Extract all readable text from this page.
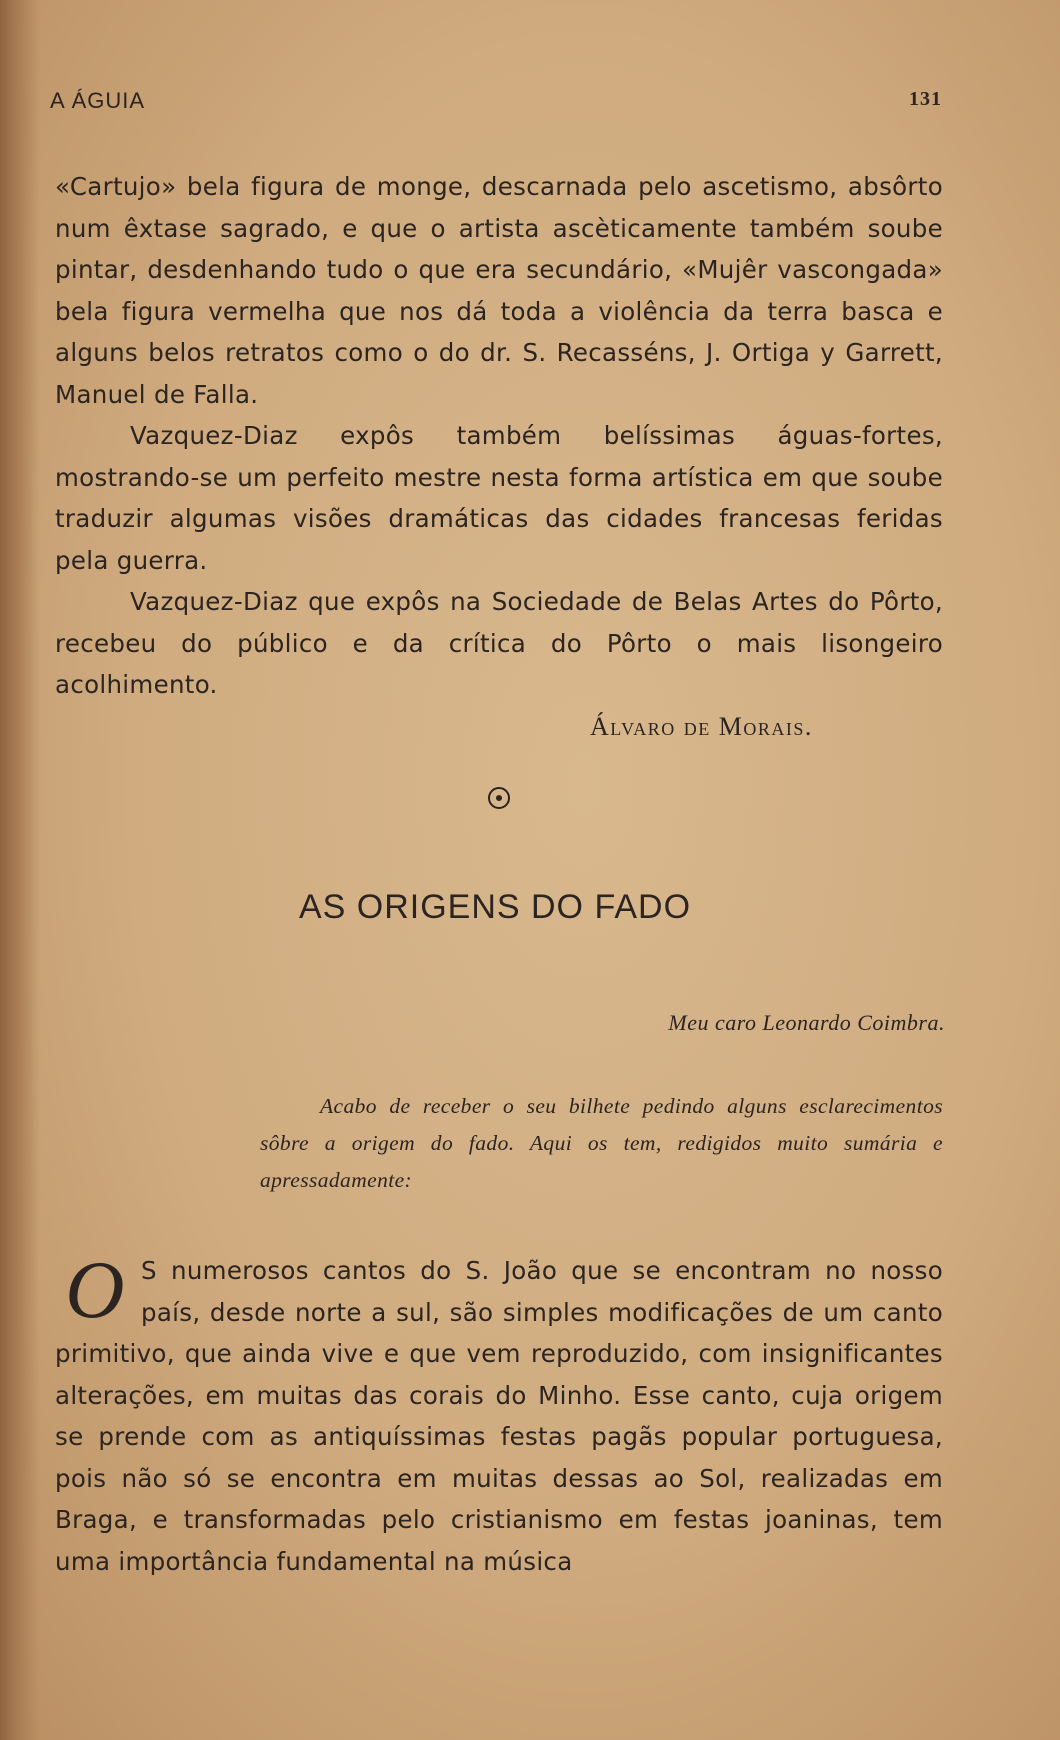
A ÁGUIA	131

«Cartujo» bela figura de monge, descarnada pelo ascetismo, absôrto num êxtase sagrado, e que o artista ascèticamente também soube pintar, desdenhando tudo o que era secundário, «Mujêr vascongada» bela figura vermelha que nos dá toda a violência da terra basca e alguns belos retratos como o do dr. S. Recasséns, J. Ortiga y Garrett, Manuel de Falla.

Vazquez-Diaz expôs também belíssimas águas-fortes, mostrando-se um perfeito mestre nesta forma artística em que soube traduzir algumas visões dramáticas das cidades francesas feridas pela guerra.

Vazquez-Diaz que expôs na Sociedade de Belas Artes do Pôrto, recebeu do público e da crítica do Pôrto o mais lisongeiro acolhimento.

Álvaro de Morais.
AS ORIGENS DO FADO
Meu caro Leonardo Coimbra.

Acabo de receber o seu bilhete pedindo alguns esclarecimentos sôbre a origem do fado. Aqui os tem, redigidos muito sumária e apressadamente:

O S numerosos cantos do S. João que se encontram no nosso país, desde norte a sul, são simples modificações de um canto primitivo, que ainda vive e que vem reproduzido, com insignificantes alterações, em muitas das corais do Minho. Esse canto, cuja origem se prende com as antiquíssimas festas pagãs popular portuguesa, pois não só se encontra em muitas dessas ao Sol, realizadas em Braga, e transformadas pelo cristianismo em festas joaninas, tem uma importância fundamental na música
